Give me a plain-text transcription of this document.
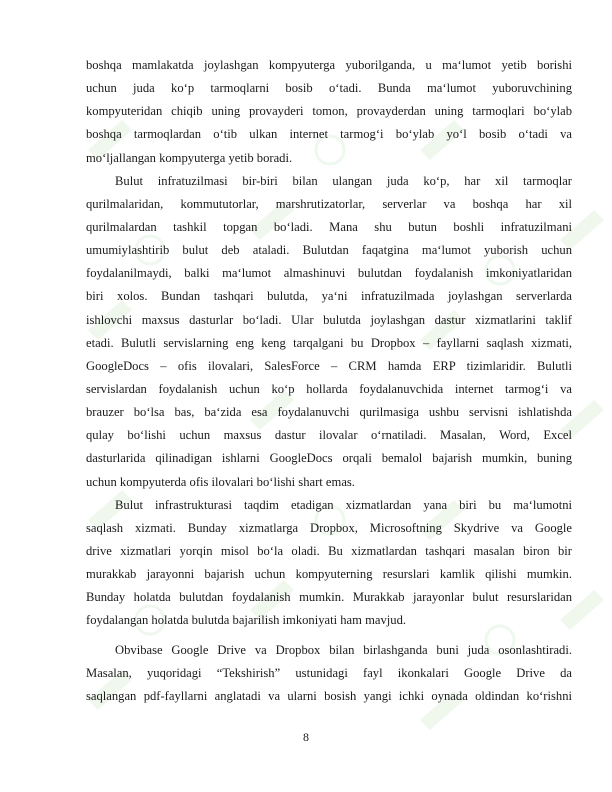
boshqa mamlakatda joylashgan kompyuterga yuborilganda, u ma‘lumot yetib borishi
uchun juda ko‘p tarmoqlarni bosib o‘tadi. Bunda ma‘lumot yuboruvchining
kompyuteridan chiqib uning provayderi tomon, provayderdan uning tarmoqlari bo‘ylab
boshqa tarmoqlardan o‘tib ulkan internet tarmog‘i bo‘ylab yo‘l bosib o‘tadi va
mo‘ljallangan kompyuterga yetib boradi.
Bulut infratuzilmasi bir-biri bilan ulangan juda ko‘p, har xil tarmoqlar
qurilmalaridan, kommututorlar, marshrutizatorlar, serverlar va boshqa har xil
qurilmalardan tashkil topgan bo‘ladi. Mana shu butun boshli infratuzilmani
umumiylashtirib bulut deb ataladi. Bulutdan faqatgina ma‘lumot yuborish uchun
foydalanilmaydi, balki ma‘lumot almashinuvi bulutdan foydalanish imkoniyatlaridan
biri xolos. Bundan tashqari bulutda, ya‘ni infratuzilmada joylashgan serverlarda
ishlovchi maxsus dasturlar bo‘ladi. Ular bulutda joylashgan dastur xizmatlarini taklif
etadi. Bulutli servislarning eng keng tarqalgani bu Dropbox – fayllarni saqlash xizmati,
GoogleDocs – ofis ilovalari, SalesForce – CRM hamda ERP tizimlaridir. Bulutli
servislardan foydalanish uchun ko‘p hollarda foydalanuvchida internet tarmog‘i va
brauzer bo‘lsa bas, ba‘zida esa foydalanuvchi qurilmasiga ushbu servisni ishlatishda
qulay bo‘lishi uchun maxsus dastur ilovalar o‘rnatiladi. Masalan, Word, Excel
dasturlarida qilinadigan ishlarni GoogleDocs orqali bemalol bajarish mumkin, buning
uchun kompyuterda ofis ilovalari bo‘lishi shart emas.
Bulut infrastrukturasi taqdim etadigan xizmatlardan yana biri bu ma‘lumotni
saqlash xizmati. Bunday xizmatlarga Dropbox, Microsoftning Skydrive va Google
drive xizmatlari yorqin misol bo‘la oladi. Bu xizmatlardan tashqari masalan biron bir
murakkab jarayonni bajarish uchun kompyuterning resurslari kamlik qilishi mumkin.
Bunday holatda bulutdan foydalanish mumkin. Murakkab jarayonlar bulut resurslaridan
foydalangan holatda bulutda bajarilish imkoniyati ham mavjud.
Obvibase Google Drive va Dropbox bilan birlashganda buni juda osonlashtiradi.
Masalan, yuqoridagi “Tekshirish” ustunidagi fayl ikonkalari Google Drive da
saqlangan pdf-fayllarni anglatadi va ularni bosish yangi ichki oynada oldindan ko‘rishni
8
